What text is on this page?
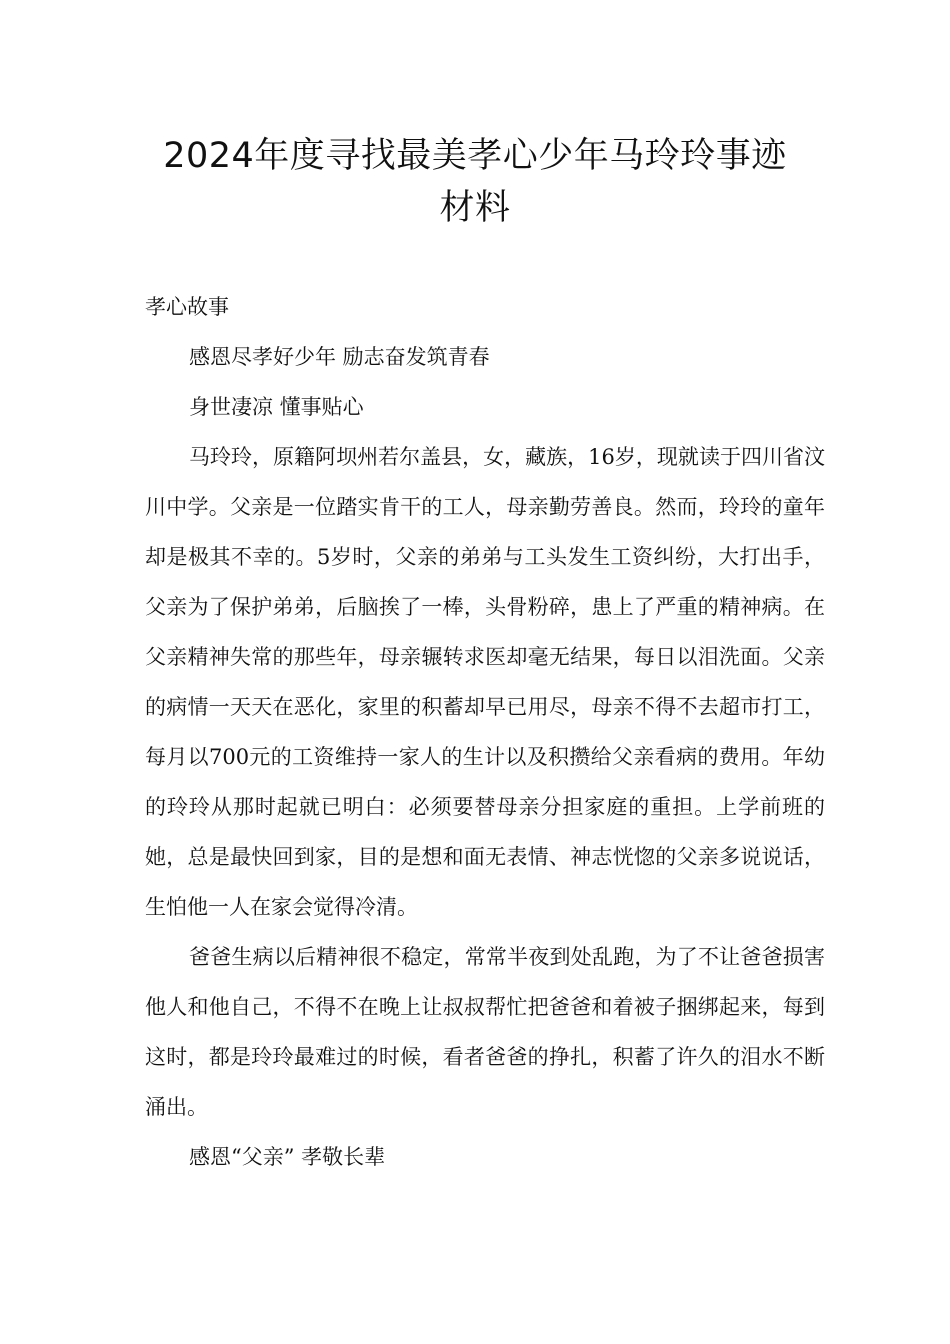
2024年度寻找最美孝心少年马玲玲事迹
材料

孝心故事

感恩尽孝好少年 励志奋发筑青春

身世凄凉 懂事贴心

马玲玲，原籍阿坝州若尔盖县，女，藏族，16岁，现就读于四川省汶川中学。父亲是一位踏实肯干的工人，母亲勤劳善良。然而，玲玲的童年却是极其不幸的。5岁时，父亲的弟弟与工头发生工资纠纷，大打出手，父亲为了保护弟弟，后脑挨了一棒，头骨粉碎，患上了严重的精神病。在父亲精神失常的那些年，母亲辗转求医却毫无结果，每日以泪洗面。父亲的病情一天天在恶化，家里的积蓄却早已用尽，母亲不得不去超市打工，每月以700元的工资维持一家人的生计以及积攒给父亲看病的费用。年幼的玲玲从那时起就已明白：必须要替母亲分担家庭的重担。上学前班的她，总是最快回到家，目的是想和面无表情、神志恍惚的父亲多说说话，生怕他一人在家会觉得冷清。

爸爸生病以后精神很不稳定，常常半夜到处乱跑，为了不让爸爸损害他人和他自己，不得不在晚上让叔叔帮忙把爸爸和着被子捆绑起来，每到这时，都是玲玲最难过的时候，看者爸爸的挣扎，积蓄了许久的泪水不断涌出。

感恩“父亲” 孝敬长辈
